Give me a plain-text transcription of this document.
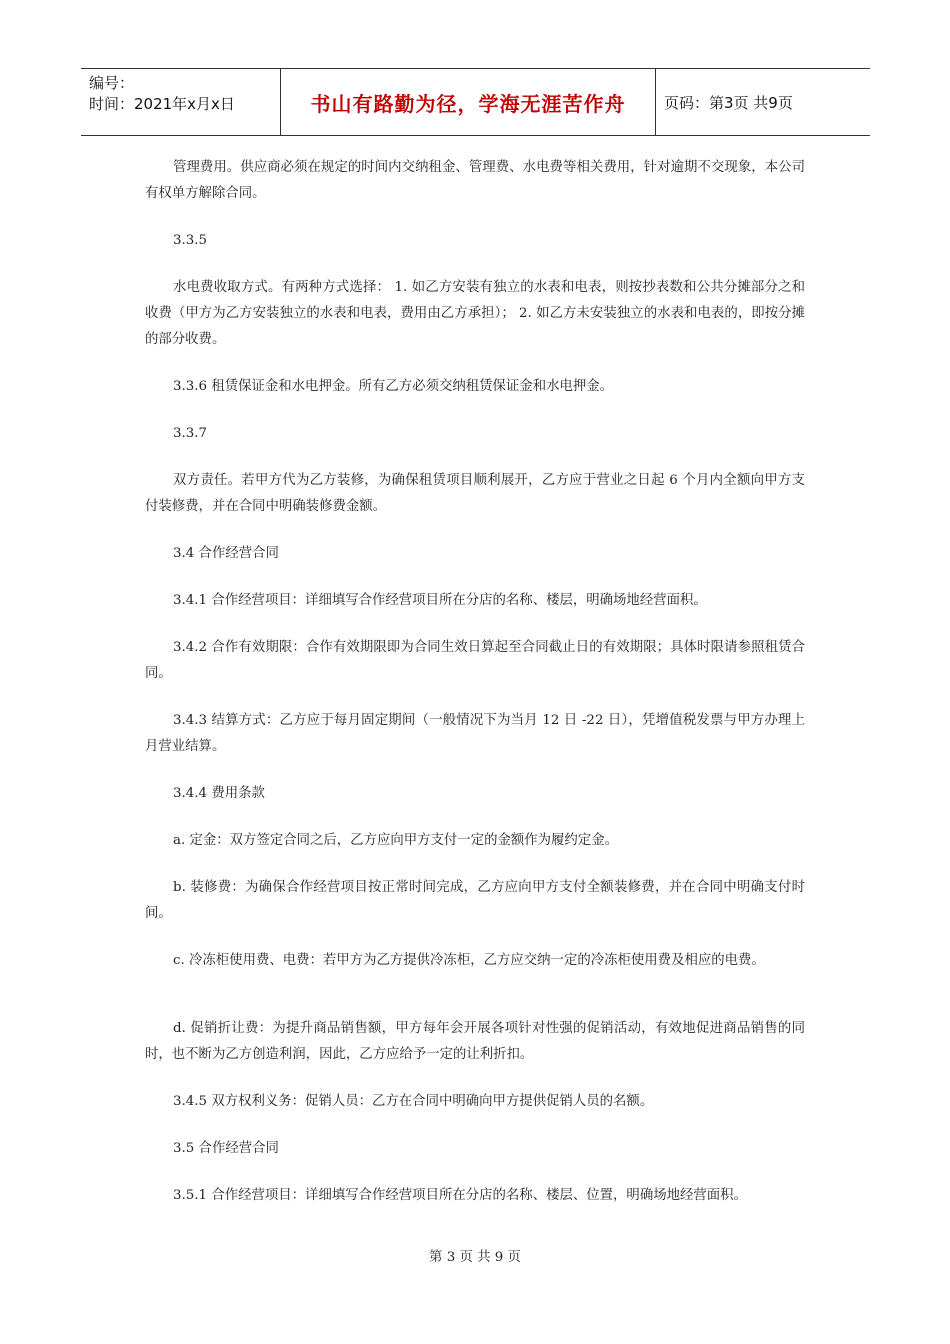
编号：
时间：2021年x月x日	书山有路勤为径，学海无涯苦作舟	页码：第3页 共9页

管理费用。供应商必须在规定的时间内交纳租金、管理费、水电费等相关费用，针对逾期不交现象，本公司有权单方解除合同。

3.3.5

水电费收取方式。有两种方式选择： 1. 如乙方安装有独立的水表和电表，则按抄表数和公共分摊部分之和收费（甲方为乙方安装独立的水表和电表，费用由乙方承担）； 2. 如乙方未安装独立的水表和电表的，即按分摊的部分收费。

3.3.6 租赁保证金和水电押金。所有乙方必须交纳租赁保证金和水电押金。

3.3.7

双方责任。若甲方代为乙方装修，为确保租赁项目顺利展开，乙方应于营业之日起 6 个月内全额向甲方支付装修费，并在合同中明确装修费金额。

3.4 合作经营合同

3.4.1 合作经营项目：详细填写合作经营项目所在分店的名称、楼层，明确场地经营面积。

3.4.2 合作有效期限：合作有效期限即为合同生效日算起至合同截止日的有效期限；具体时限请参照租赁合同。

3.4.3 结算方式：乙方应于每月固定期间（一般情况下为当月 12 日 -22 日），凭增值税发票与甲方办理上月营业结算。

3.4.4 费用条款

a. 定金：双方签定合同之后，乙方应向甲方支付一定的金额作为履约定金。

b. 装修费：为确保合作经营项目按正常时间完成，乙方应向甲方支付全额装修费，并在合同中明确支付时间。

c. 冷冻柜使用费、电费：若甲方为乙方提供冷冻柜，乙方应交纳一定的冷冻柜使用费及相应的电费。

d. 促销折让费：为提升商品销售额，甲方每年会开展各项针对性强的促销活动，有效地促进商品销售的同时，也不断为乙方创造利润，因此，乙方应给予一定的让利折扣。

3.4.5 双方权利义务：促销人员：乙方在合同中明确向甲方提供促销人员的名额。

3.5 合作经营合同

3.5.1 合作经营项目：详细填写合作经营项目所在分店的名称、楼层、位置，明确场地经营面积。

第 3 页 共 9 页
